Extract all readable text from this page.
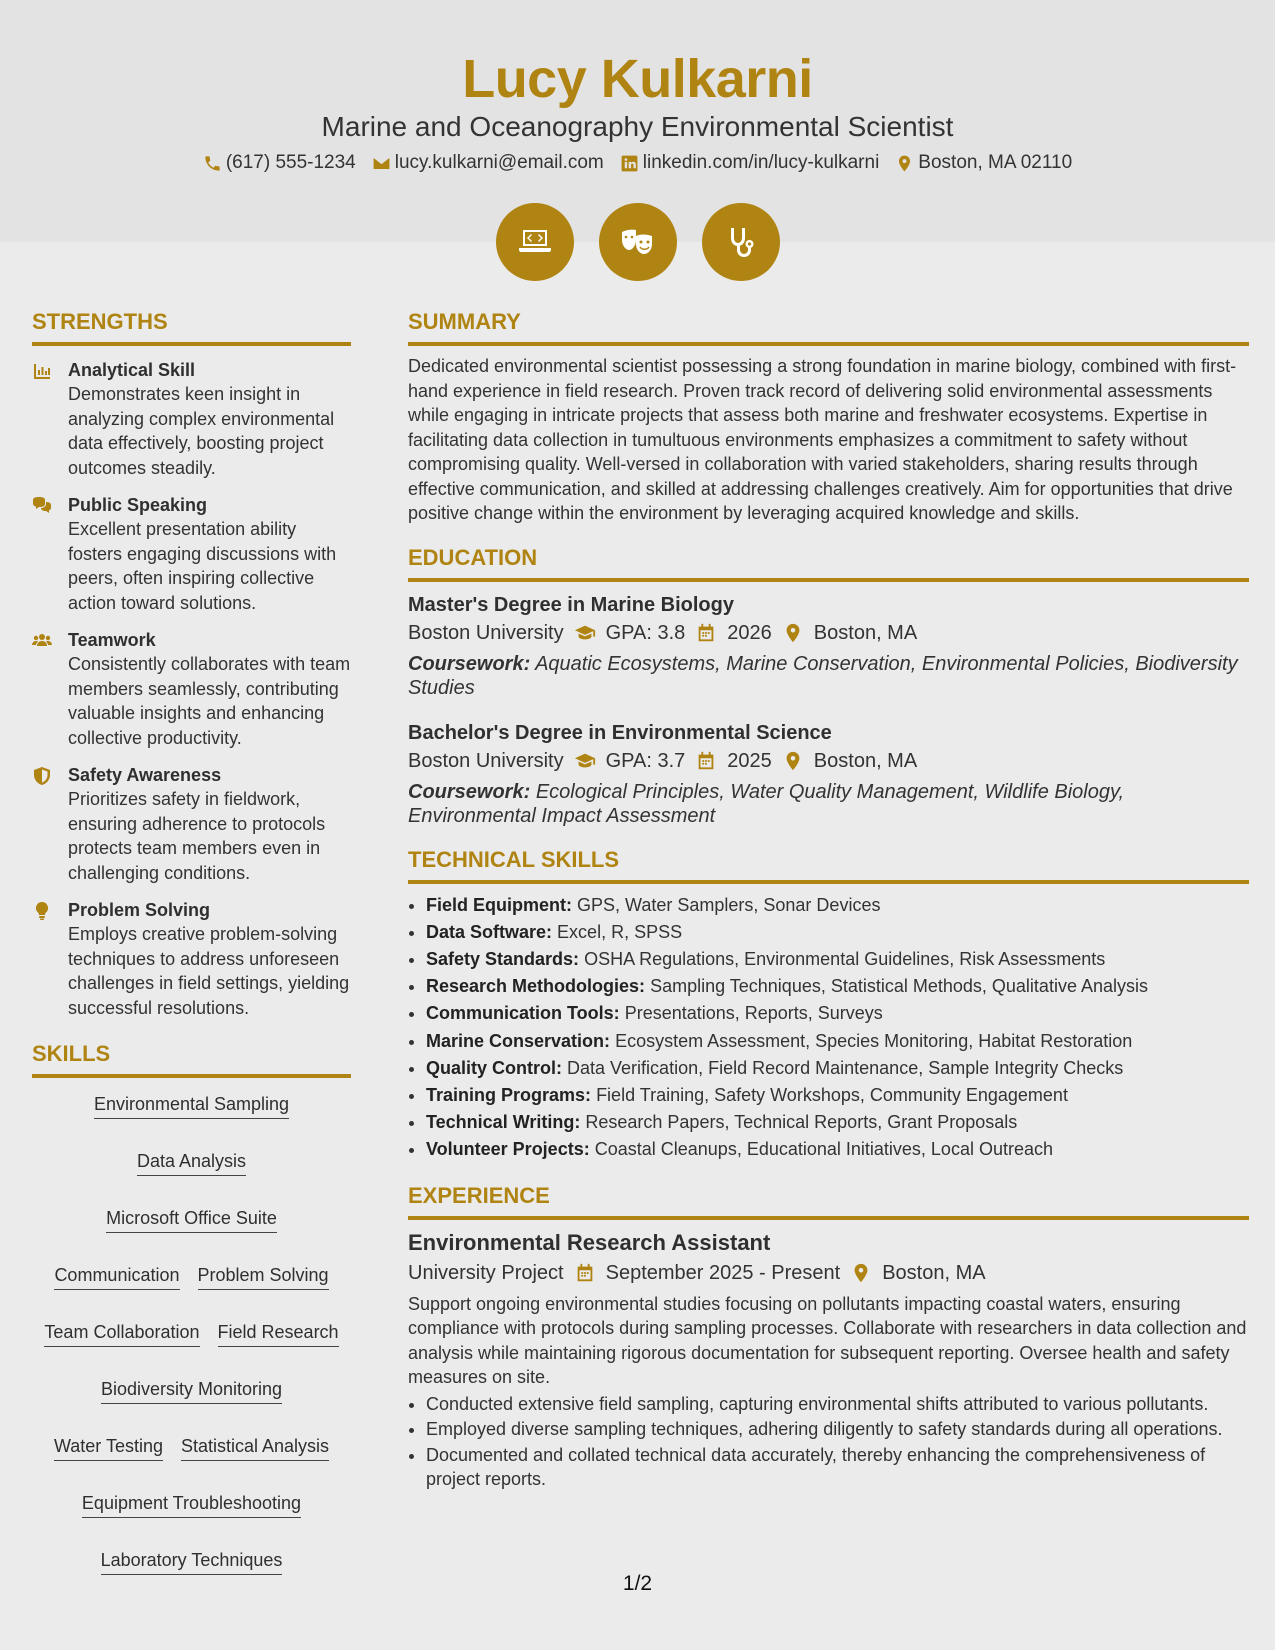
Lucy Kulkarni
Marine and Oceanography Environmental Scientist
(617) 555-1234 lucy.kulkarni@email.com linkedin.com/in/lucy-kulkarni Boston, MA 02110
STRENGTHS
Analytical Skill
Demonstrates keen insight in analyzing complex environmental data effectively, boosting project outcomes steadily.
Public Speaking
Excellent presentation ability fosters engaging discussions with peers, often inspiring collective action toward solutions.
Teamwork
Consistently collaborates with team members seamlessly, contributing valuable insights and enhancing collective productivity.
Safety Awareness
Prioritizes safety in fieldwork, ensuring adherence to protocols protects team members even in challenging conditions.
Problem Solving
Employs creative problem-solving techniques to address unforeseen challenges in field settings, yielding successful resolutions.
SKILLS
Environmental Sampling
Data Analysis
Microsoft Office Suite
Communication Problem Solving
Team Collaboration Field Research
Biodiversity Monitoring
Water Testing Statistical Analysis
Equipment Troubleshooting
Laboratory Techniques
SUMMARY
Dedicated environmental scientist possessing a strong foundation in marine biology, combined with first-hand experience in field research. Proven track record of delivering solid environmental assessments while engaging in intricate projects that assess both marine and freshwater ecosystems. Expertise in facilitating data collection in tumultuous environments emphasizes a commitment to safety without compromising quality. Well-versed in collaboration with varied stakeholders, sharing results through effective communication, and skilled at addressing challenges creatively. Aim for opportunities that drive positive change within the environment by leveraging acquired knowledge and skills.
EDUCATION
Master's Degree in Marine Biology
Boston University GPA: 3.8 2026 Boston, MA
Coursework: Aquatic Ecosystems, Marine Conservation, Environmental Policies, Biodiversity Studies
Bachelor's Degree in Environmental Science
Boston University GPA: 3.7 2025 Boston, MA
Coursework: Ecological Principles, Water Quality Management, Wildlife Biology, Environmental Impact Assessment
TECHNICAL SKILLS
• Field Equipment: GPS, Water Samplers, Sonar Devices
• Data Software: Excel, R, SPSS
• Safety Standards: OSHA Regulations, Environmental Guidelines, Risk Assessments
• Research Methodologies: Sampling Techniques, Statistical Methods, Qualitative Analysis
• Communication Tools: Presentations, Reports, Surveys
• Marine Conservation: Ecosystem Assessment, Species Monitoring, Habitat Restoration
• Quality Control: Data Verification, Field Record Maintenance, Sample Integrity Checks
• Training Programs: Field Training, Safety Workshops, Community Engagement
• Technical Writing: Research Papers, Technical Reports, Grant Proposals
• Volunteer Projects: Coastal Cleanups, Educational Initiatives, Local Outreach
EXPERIENCE
Environmental Research Assistant
University Project September 2025 - Present Boston, MA
Support ongoing environmental studies focusing on pollutants impacting coastal waters, ensuring compliance with protocols during sampling processes. Collaborate with researchers in data collection and analysis while maintaining rigorous documentation for subsequent reporting. Oversee health and safety measures on site.
• Conducted extensive field sampling, capturing environmental shifts attributed to various pollutants.
• Employed diverse sampling techniques, adhering diligently to safety standards during all operations.
• Documented and collated technical data accurately, thereby enhancing the comprehensiveness of project reports.
1/2
